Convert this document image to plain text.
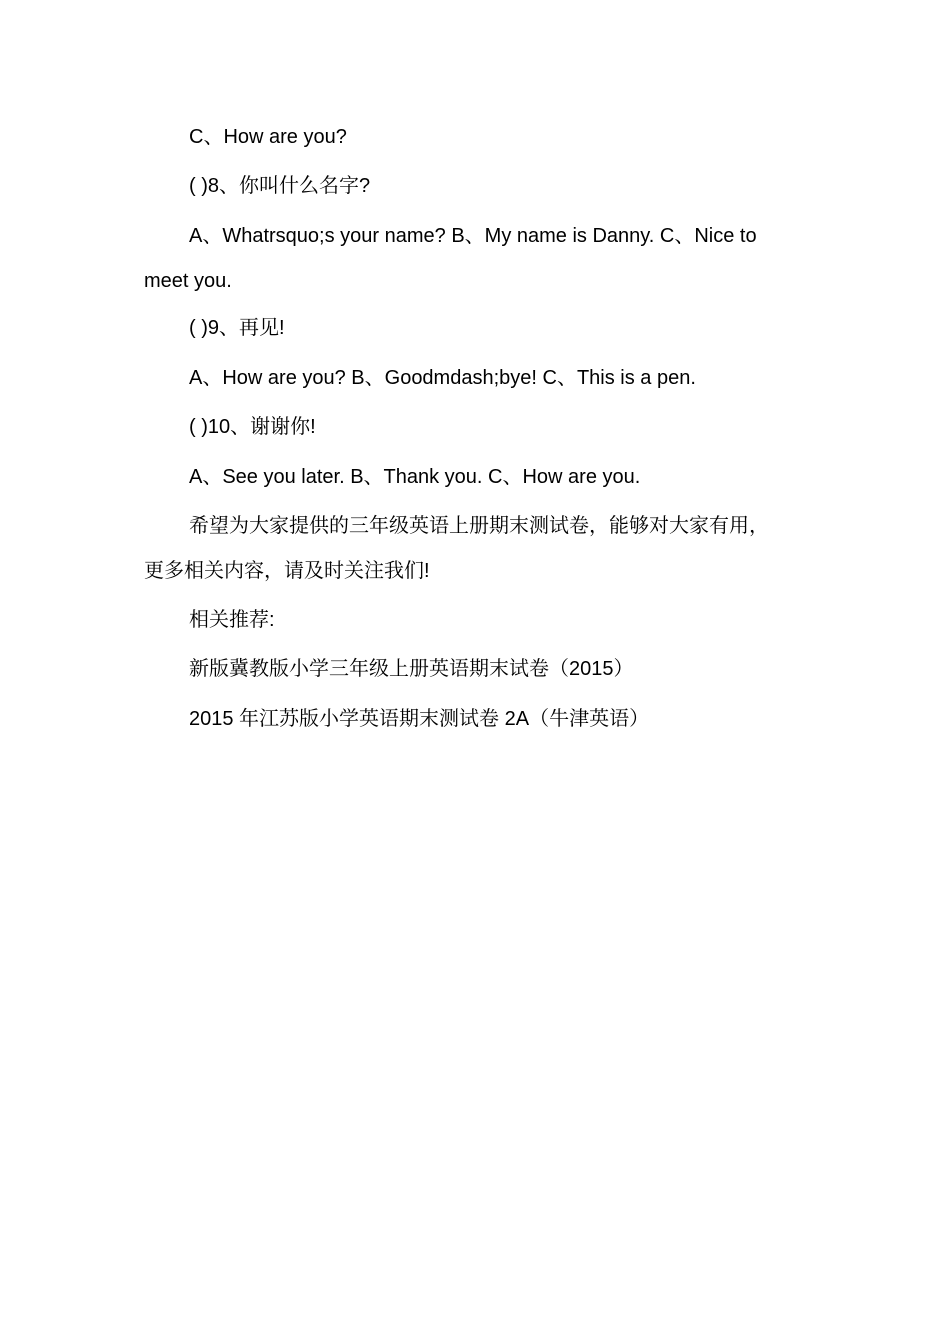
C、How are you?
( )8、你叫什么名字?
A、Whatrsquo;s your name? B、My name is Danny. C、Nice to
meet you.
( )9、再见!
A、How are you? B、Goodmdash;bye! C、This is a pen.
( )10、谢谢你!
A、See you later. B、Thank you. C、How are you.
希望为大家提供的三年级英语上册期末测试卷，能够对大家有用，
更多相关内容，请及时关注我们!
相关推荐:
新版冀教版小学三年级上册英语期末试卷（2015）
2015 年江苏版小学英语期末测试卷 2A（牛津英语）
